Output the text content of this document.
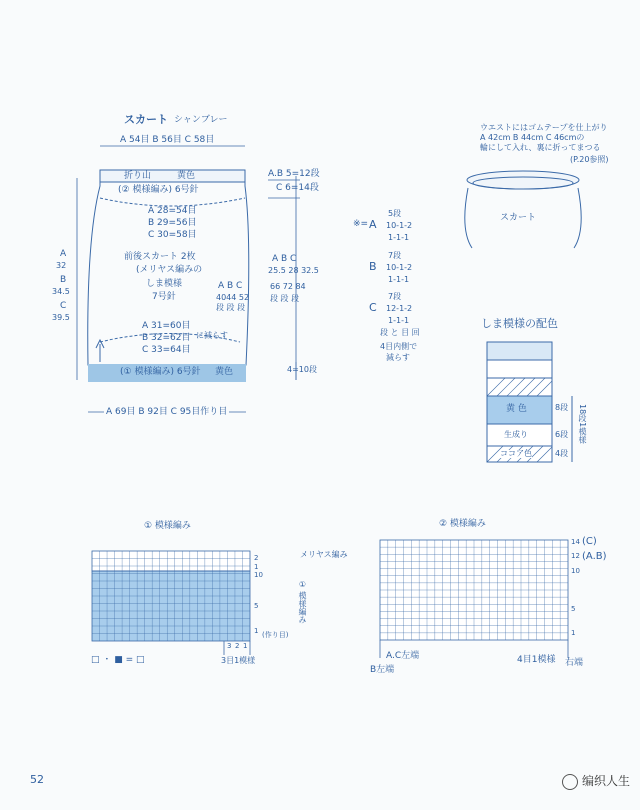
スカート シャンブレー
A 54目 B 56目 C 58目
折り山	黄色
(② 模様編み) 6号針
A 28=54目
B 29=56目
C 30=58目
前後スカート 2枚
(メリヤス編みの
しま模様
7号針
A 31=60目
B 32=62目
C 33=64目
に減らす
(① 模様編み) 6号針 黄色
A 69目 B 92目 C 95目作り目
A
32
B
34.5
C
39.5
A B C
4044 52
段 段 段
A.B 5=12段
C 6=14段
A B C
25.5 28 32.5
66 72 84
段 段 段
4=10段
※= A
5段
10-1-2
1-1-1
B
7段
10-1-2
1-1-1
C
7段
12-1-2
1-1-1
段 と 目 回
4目内側で
減らす
ウエストにはゴムテープを仕上がり
A 42cm B 44cm C 46cmの
輪にして入れ、裏に折ってまつる
(P.20参照)
スカート
しま模様の配色
黄 色
生成り
ココア色
8段
6段
4段
18段1模様
① 模様編み
メリヤス編み
① 模様編み
2
1
10
5
1 (作り目)
3 2 1
3目1模様
□ ・ ■ = □
② 模様編み
14
12
10
5
1
(C)
(A.B)
A.C左端
B左端
4目1模様 右端
52	编织人生
